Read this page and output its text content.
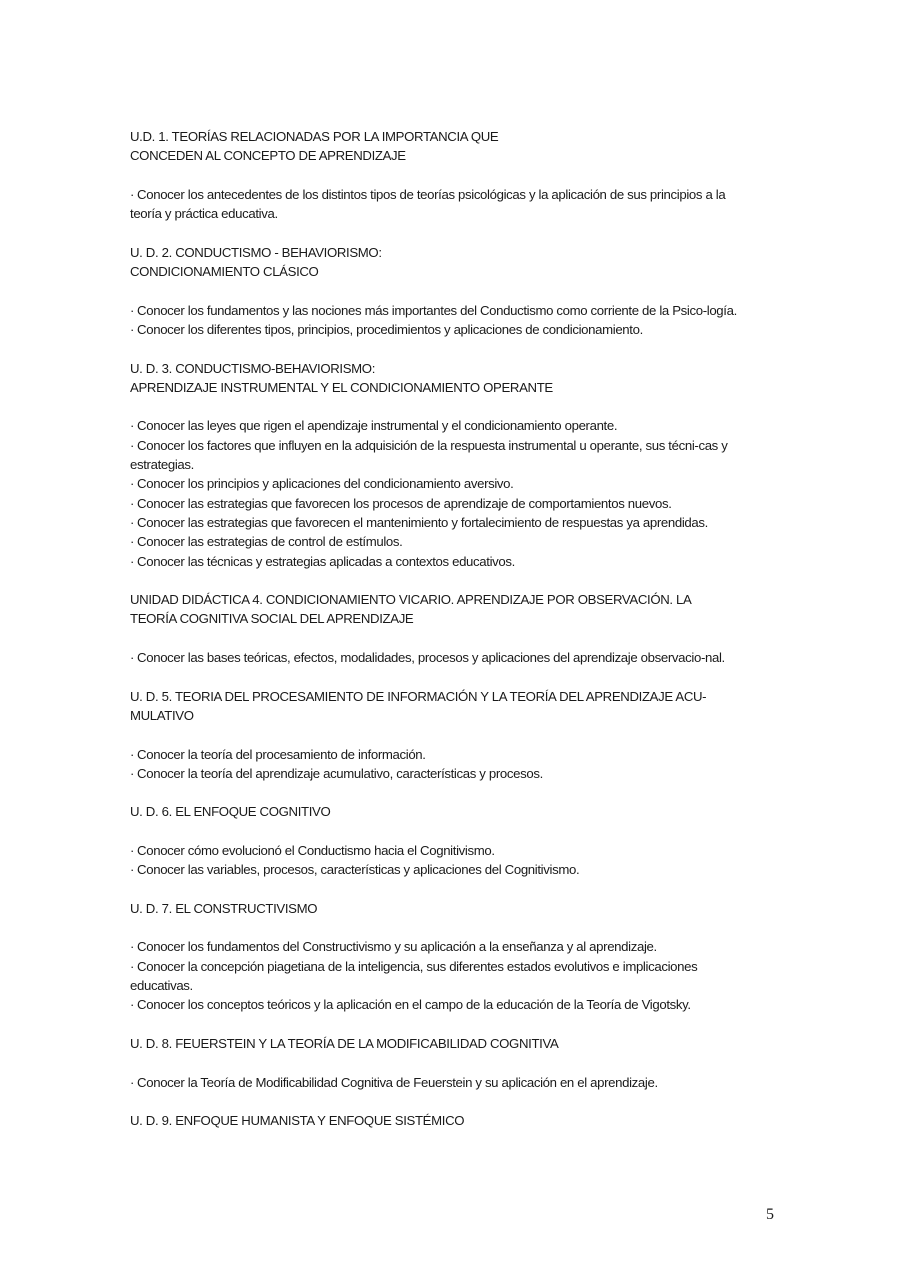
U.D. 1. TEORÍAS RELACIONADAS POR LA IMPORTANCIA QUE
CONCEDEN AL CONCEPTO DE APRENDIZAJE
· Conocer los antecedentes de los distintos tipos de teorías psicológicas y la aplicación de sus principios a la teoría y práctica educativa.
U. D. 2. CONDUCTISMO - BEHAVIORISMO:
CONDICIONAMIENTO CLÁSICO
· Conocer los fundamentos y las nociones más importantes del Conductismo como corriente de la Psico-logía.
· Conocer los diferentes tipos, principios, procedimientos y aplicaciones de condicionamiento.
U. D. 3. CONDUCTISMO-BEHAVIORISMO:
APRENDIZAJE INSTRUMENTAL Y EL CONDICIONAMIENTO OPERANTE
· Conocer las leyes que rigen el apendizaje instrumental y el condicionamiento operante.
· Conocer los factores que influyen en la adquisición de la respuesta instrumental u operante, sus técni-cas y estrategias.
· Conocer los principios y aplicaciones del condicionamiento aversivo.
· Conocer las estrategias que favorecen los procesos de aprendizaje de comportamientos nuevos.
· Conocer las estrategias que favorecen el mantenimiento y fortalecimiento de respuestas ya aprendidas.
· Conocer las estrategias de control de estímulos.
· Conocer las técnicas y estrategias aplicadas a contextos educativos.
UNIDAD DIDÁCTICA 4. CONDICIONAMIENTO VICARIO. APRENDIZAJE POR OBSERVACIÓN. LA
TEORÍA COGNITIVA SOCIAL DEL APRENDIZAJE
· Conocer las bases teóricas, efectos, modalidades, procesos y aplicaciones del aprendizaje observacio-nal.
U. D. 5. TEORIA DEL PROCESAMIENTO DE INFORMACIÓN Y LA TEORÍA DEL APRENDIZAJE ACU-
MULATIVO
· Conocer la teoría del procesamiento de información.
· Conocer la teoría del aprendizaje acumulativo, características y procesos.
U. D. 6. EL ENFOQUE COGNITIVO
· Conocer cómo evolucionó el Conductismo hacia el Cognitivismo.
· Conocer las variables, procesos, características y aplicaciones del Cognitivismo.
U. D. 7. EL CONSTRUCTIVISMO
· Conocer los fundamentos del Constructivismo y su aplicación a la enseñanza y al aprendizaje.
· Conocer la concepción piagetiana de la inteligencia, sus diferentes estados evolutivos e implicaciones educativas.
· Conocer los conceptos teóricos y la aplicación en el campo de la educación de la Teoría de Vigotsky.
U. D. 8. FEUERSTEIN Y LA TEORÍA DE LA MODIFICABILIDAD COGNITIVA
· Conocer la Teoría de Modificabilidad Cognitiva de Feuerstein y su aplicación en el aprendizaje.
U. D. 9. ENFOQUE HUMANISTA Y ENFOQUE SISTÉMICO
5
